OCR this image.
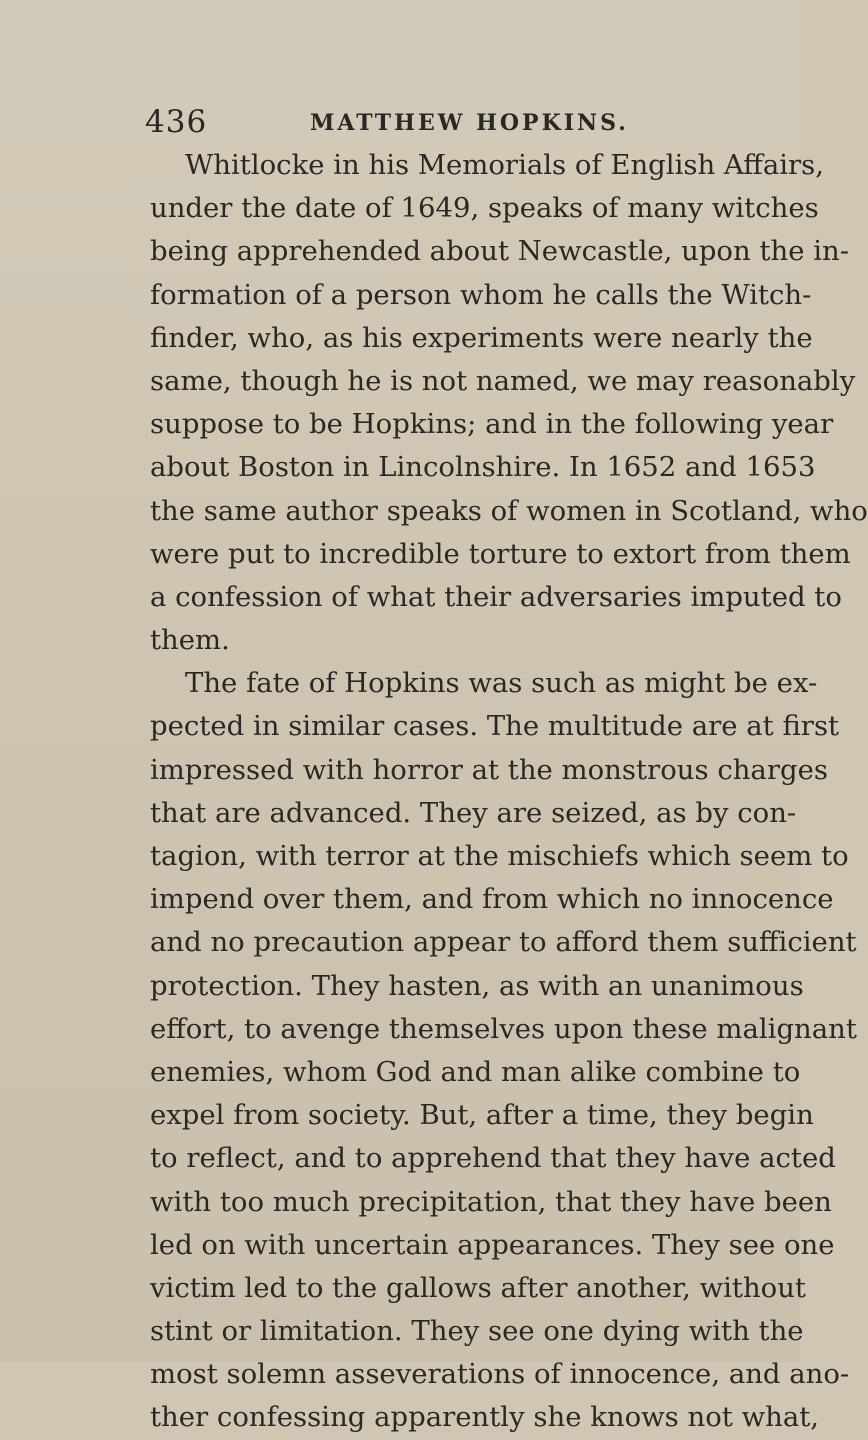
436	MATTHEW HOPKINS.
Whitlocke in his Memorials of English Affairs,
under the date of 1649, speaks of many witches
being apprehended about Newcastle, upon the in-
formation of a person whom he calls the Witch-
finder, who, as his experiments were nearly the
same, though he is not named, we may reasonably
suppose to be Hopkins; and in the following year
about Boston in Lincolnshire. In 1652 and 1653
the same author speaks of women in Scotland, who
were put to incredible torture to extort from them
a confession of what their adversaries imputed to
them.
The fate of Hopkins was such as might be ex-
pected in similar cases. The multitude are at first
impressed with horror at the monstrous charges
that are advanced. They are seized, as by con-
tagion, with terror at the mischiefs which seem to
impend over them, and from which no innocence
and no precaution appear to afford them sufficient
protection. They hasten, as with an unanimous
effort, to avenge themselves upon these malignant
enemies, whom God and man alike combine to
expel from society. But, after a time, they begin
to reflect, and to apprehend that they have acted
with too much precipitation, that they have been
led on with uncertain appearances. They see one
victim led to the gallows after another, without
stint or limitation. They see one dying with the
most solemn asseverations of innocence, and ano-
ther confessing apparently she knows not what,
